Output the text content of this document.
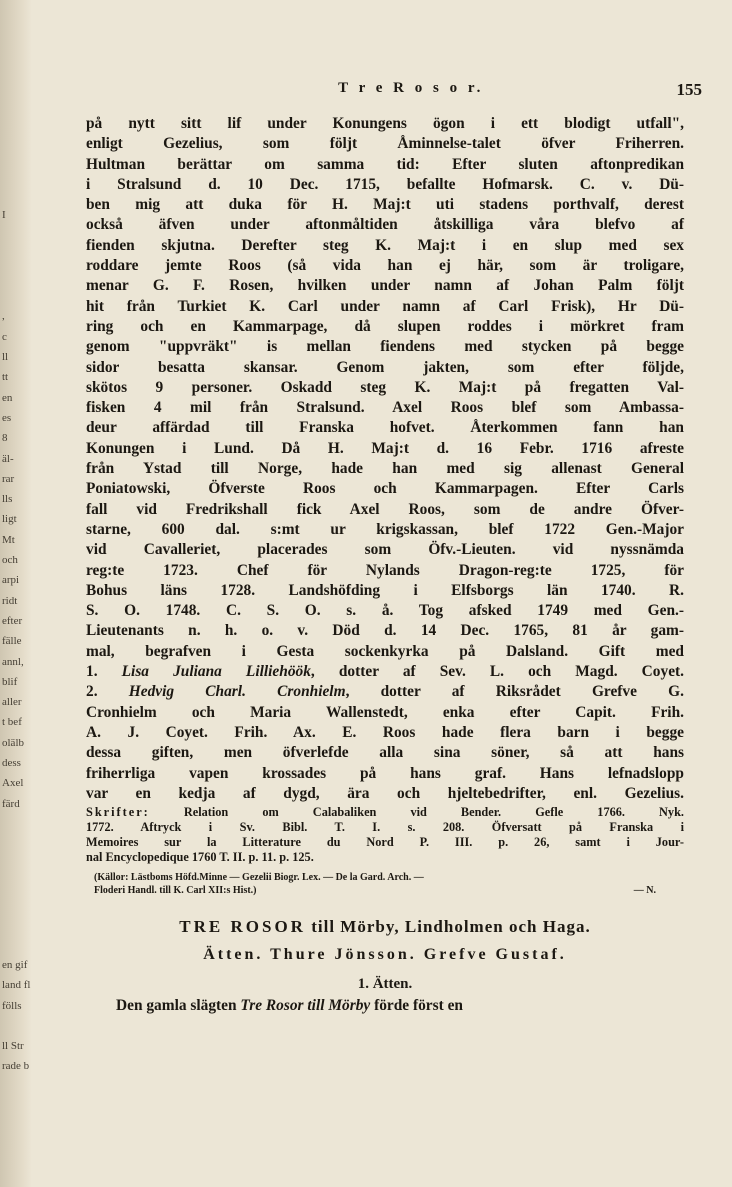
I
,
c
ll
tt
en
es
8
äl-
rar
lls
ligt
Mt
och
arpi
ridt
efter
fälle
annl,
blif
aller
t bef
olälb
dess
Axel
färd
en gif
land fl
fölls
ll Str
rade b
T r e R o s o r.	155
på nytt sitt lif under Konungens ögon i ett blodigt utfall",
enligt Gezelius, som följt Åminnelse-talet öfver Friherren.
Hultman berättar om samma tid: Efter sluten aftonpredikan
i Stralsund d. 10 Dec. 1715, befallte Hofmarsk. C. v. Dü-
ben mig att duka för H. Maj:t uti stadens porthvalf, derest
också äfven under aftonmåltiden åtskilliga våra blefvo af
fienden skjutna. Derefter steg K. Maj:t i en slup med sex
roddare jemte Roos (så vida han ej här, som är troligare,
menar G. F. Rosen, hvilken under namn af Johan Palm följt
hit från Turkiet K. Carl under namn af Carl Frisk), Hr Dü-
ring och en Kammarpage, då slupen roddes i mörkret fram
genom "uppvräkt" is mellan fiendens med stycken på begge
sidor besatta skansar. Genom jakten, som efter följde,
skötos 9 personer. Oskadd steg K. Maj:t på fregatten Val-
fisken 4 mil från Stralsund. Axel Roos blef som Ambassa-
deur affärdad till Franska hofvet. Återkommen fann han
Konungen i Lund. Då H. Maj:t d. 16 Febr. 1716 afreste
från Ystad till Norge, hade han med sig allenast General
Poniatowski, Öfverste Roos och Kammarpagen. Efter Carls
fall vid Fredrikshall fick Axel Roos, som de andre Öfver-
starne, 600 dal. s:mt ur krigskassan, blef 1722 Gen.-Major
vid Cavalleriet, placerades som Öfv.-Lieuten. vid nyssnämda
reg:te 1723. Chef för Nylands Dragon-reg:te 1725, för
Bohus läns 1728. Landshöfding i Elfsborgs län 1740. R.
S. O. 1748. C. S. O. s. å. Tog afsked 1749 med Gen.-
Lieutenants n. h. o. v. Död d. 14 Dec. 1765, 81 år gam-
mal, begrafven i Gesta sockenkyrka på Dalsland. Gift med
1. Lisa Juliana Lilliehöök, dotter af Sev. L. och Magd. Coyet.
2. Hedvig Charl. Cronhielm, dotter af Riksrådet Grefve G.
Cronhielm och Maria Wallenstedt, enka efter Capit. Frih.
A. J. Coyet. Frih. Ax. E. Roos hade flera barn i begge
dessa giften, men öfverlefde alla sina söner, så att hans
friherrliga vapen krossades på hans graf. Hans lefnadslopp
var en kedja af dygd, ära och hjeltebedrifter, enl. Gezelius.
Skrifter: Relation om Calabaliken vid Bender. Gefle 1766. Nyk.
1772. Aftryck i Sv. Bibl. T. I. s. 208. Öfversatt på Franska i
Memoires sur la Litterature du Nord P. III. p. 26, samt i Jour-
nal Encyclopedique 1760 T. II. p. 11. p. 125.
(Källor: Lästboms Höfd.Minne — Gezelii Biogr. Lex. — De la Gard. Arch. —
Floderi Handl. till K. Carl XII:s Hist.)	— N.
TRE ROSOR till Mörby, Lindholmen och Haga.
Ätten. Thure Jönsson. Grefve Gustaf.
1. Ätten.
Den gamla slägten Tre Rosor till Mörby förde först en
